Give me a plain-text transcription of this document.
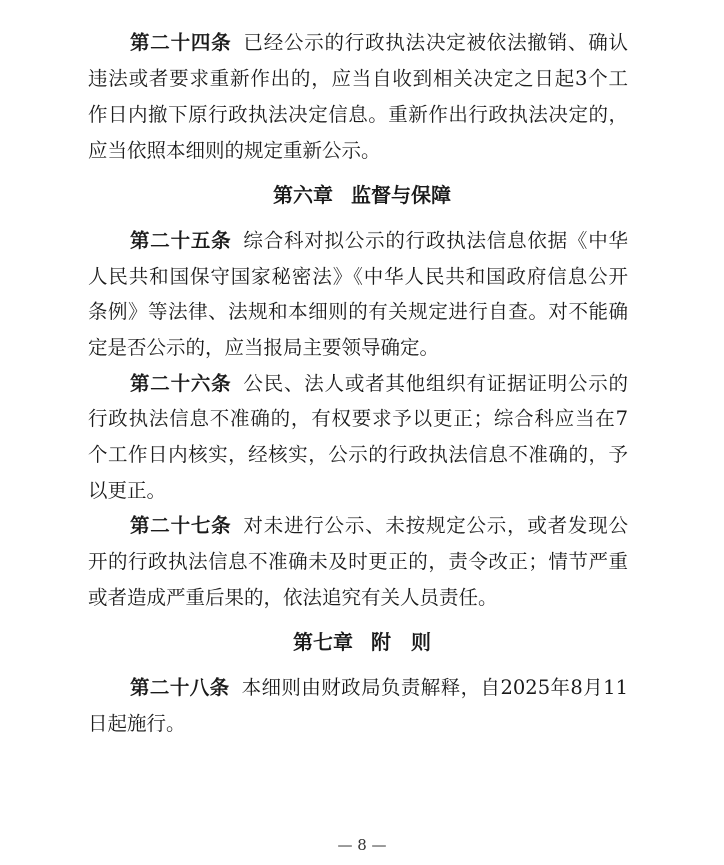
第二十四条 已经公示的行政执法决定被依法撤销、确认
违法或者要求重新作出的，应当自收到相关决定之日起3个工
作日内撤下原行政执法决定信息。重新作出行政执法决定的，
应当依照本细则的规定重新公示。
第六章 监督与保障
第二十五条 综合科对拟公示的行政执法信息依据《中华
人民共和国保守国家秘密法》《中华人民共和国政府信息公开
条例》等法律、法规和本细则的有关规定进行自查。对不能确
定是否公示的，应当报局主要领导确定。
第二十六条 公民、法人或者其他组织有证据证明公示的
行政执法信息不准确的，有权要求予以更正；综合科应当在7
个工作日内核实，经核实，公示的行政执法信息不准确的，予
以更正。
第二十七条 对未进行公示、未按规定公示，或者发现公
开的行政执法信息不准确未及时更正的，责令改正；情节严重
或者造成严重后果的，依法追究有关人员责任。
第七章 附　则
第二十八条 本细则由财政局负责解释，自2025年8月11
日起施行。
— 8 —
